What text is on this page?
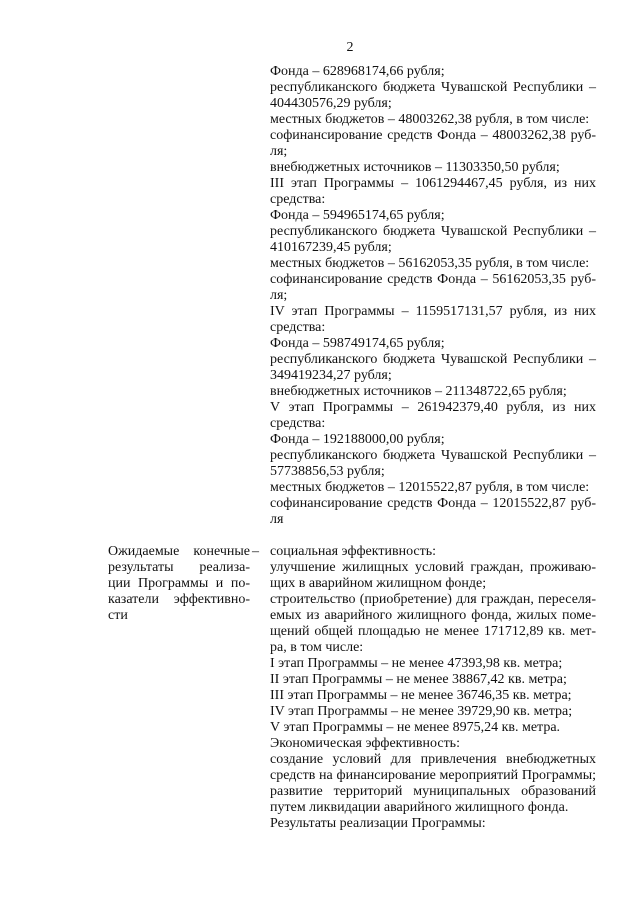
2
Фонда – 628968174,66 рубля;
республиканского бюджета Чувашской Республики –
404430576,29 рубля;
местных бюджетов – 48003262,38 рубля, в том числе:
софинансирование средств Фонда – 48003262,38 руб-
ля;
внебюджетных источников – 11303350,50 рубля;
III этап Программы – 1061294467,45 рубля, из них
средства:
Фонда – 594965174,65 рубля;
республиканского бюджета Чувашской Республики –
410167239,45 рубля;
местных бюджетов – 56162053,35 рубля, в том числе:
софинансирование средств Фонда – 56162053,35 руб-
ля;
IV этап Программы – 1159517131,57 рубля, из них
средства:
Фонда – 598749174,65 рубля;
республиканского бюджета Чувашской Республики –
349419234,27 рубля;
внебюджетных источников – 211348722,65 рубля;
V этап Программы – 261942379,40 рубля, из них
средства:
Фонда – 192188000,00 рубля;
республиканского бюджета Чувашской Республики –
57738856,53 рубля;
местных бюджетов – 12015522,87 рубля, в том числе:
софинансирование средств Фонда – 12015522,87 руб-
ля
Ожидаемые конечные
результаты реализа-
ции Программы и по-
казатели эффективно-
сти
– социальная эффективность:
улучшение жилищных условий граждан, проживаю-
щих в аварийном жилищном фонде;
строительство (приобретение) для граждан, переселя-
емых из аварийного жилищного фонда, жилых поме-
щений общей площадью не менее 171712,89 кв. мет-
ра, в том числе:
I этап Программы – не менее 47393,98 кв. метра;
II этап Программы – не менее 38867,42 кв. метра;
III этап Программы – не менее 36746,35 кв. метра;
IV этап Программы – не менее 39729,90 кв. метра;
V этап Программы – не менее 8975,24 кв. метра.
Экономическая эффективность:
создание условий для привлечения внебюджетных
средств на финансирование мероприятий Программы;
развитие территорий муниципальных образований
путем ликвидации аварийного жилищного фонда.
Результаты реализации Программы:
